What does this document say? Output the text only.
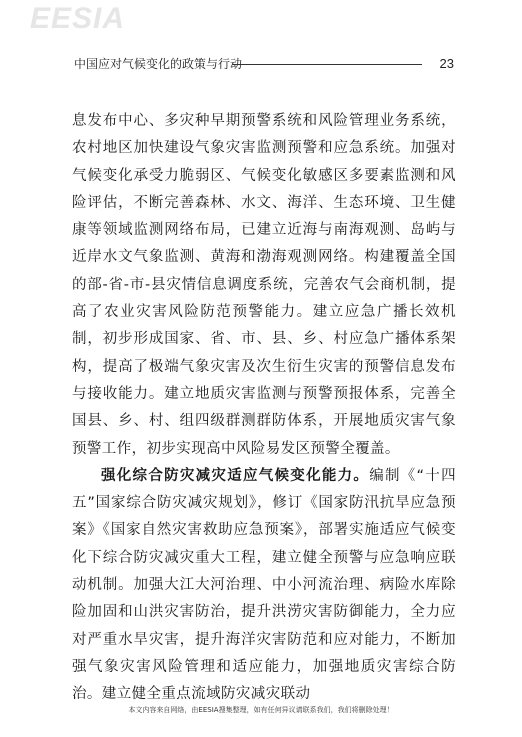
EESIA
中国应对气候变化的政策与行动	23

息发布中心、多灾种早期预警系统和风险管理业务系统，农村地区加快建设气象灾害监测预警和应急系统。加强对气候变化承受力脆弱区、气候变化敏感区多要素监测和风险评估，不断完善森林、水文、海洋、生态环境、卫生健康等领域监测网络布局，已建立近海与南海观测、岛屿与近岸水文气象监测、黄海和渤海观测网络。构建覆盖全国的部-省-市-县灾情信息调度系统，完善农气会商机制，提高了农业灾害风险防范预警能力。建立应急广播长效机制，初步形成国家、省、市、县、乡、村应急广播体系架构，提高了极端气象灾害及次生衍生灾害的预警信息发布与接收能力。建立地质灾害监测与预警预报体系，完善全国县、乡、村、组四级群测群防体系，开展地质灾害气象预警工作，初步实现高中风险易发区预警全覆盖。

强化综合防灾减灾适应气候变化能力。编制《“十四五”国家综合防灾减灾规划》，修订《国家防汛抗旱应急预案》《国家自然灾害救助应急预案》，部署实施适应气候变化下综合防灾减灾重大工程，建立健全预警与应急响应联动机制。加强大江大河治理、中小河流治理、病险水库除险加固和山洪灾害防治，提升洪涝灾害防御能力，全力应对严重水旱灾害，提升海洋灾害防范和应对能力，不断加强气象灾害风险管理和适应能力，加强地质灾害综合防治。建立健全重点流域防灾减灾联动

本文内容来自网络，由EESIA搜集整理，如有任何异议请联系我们，我们将删除处理！
